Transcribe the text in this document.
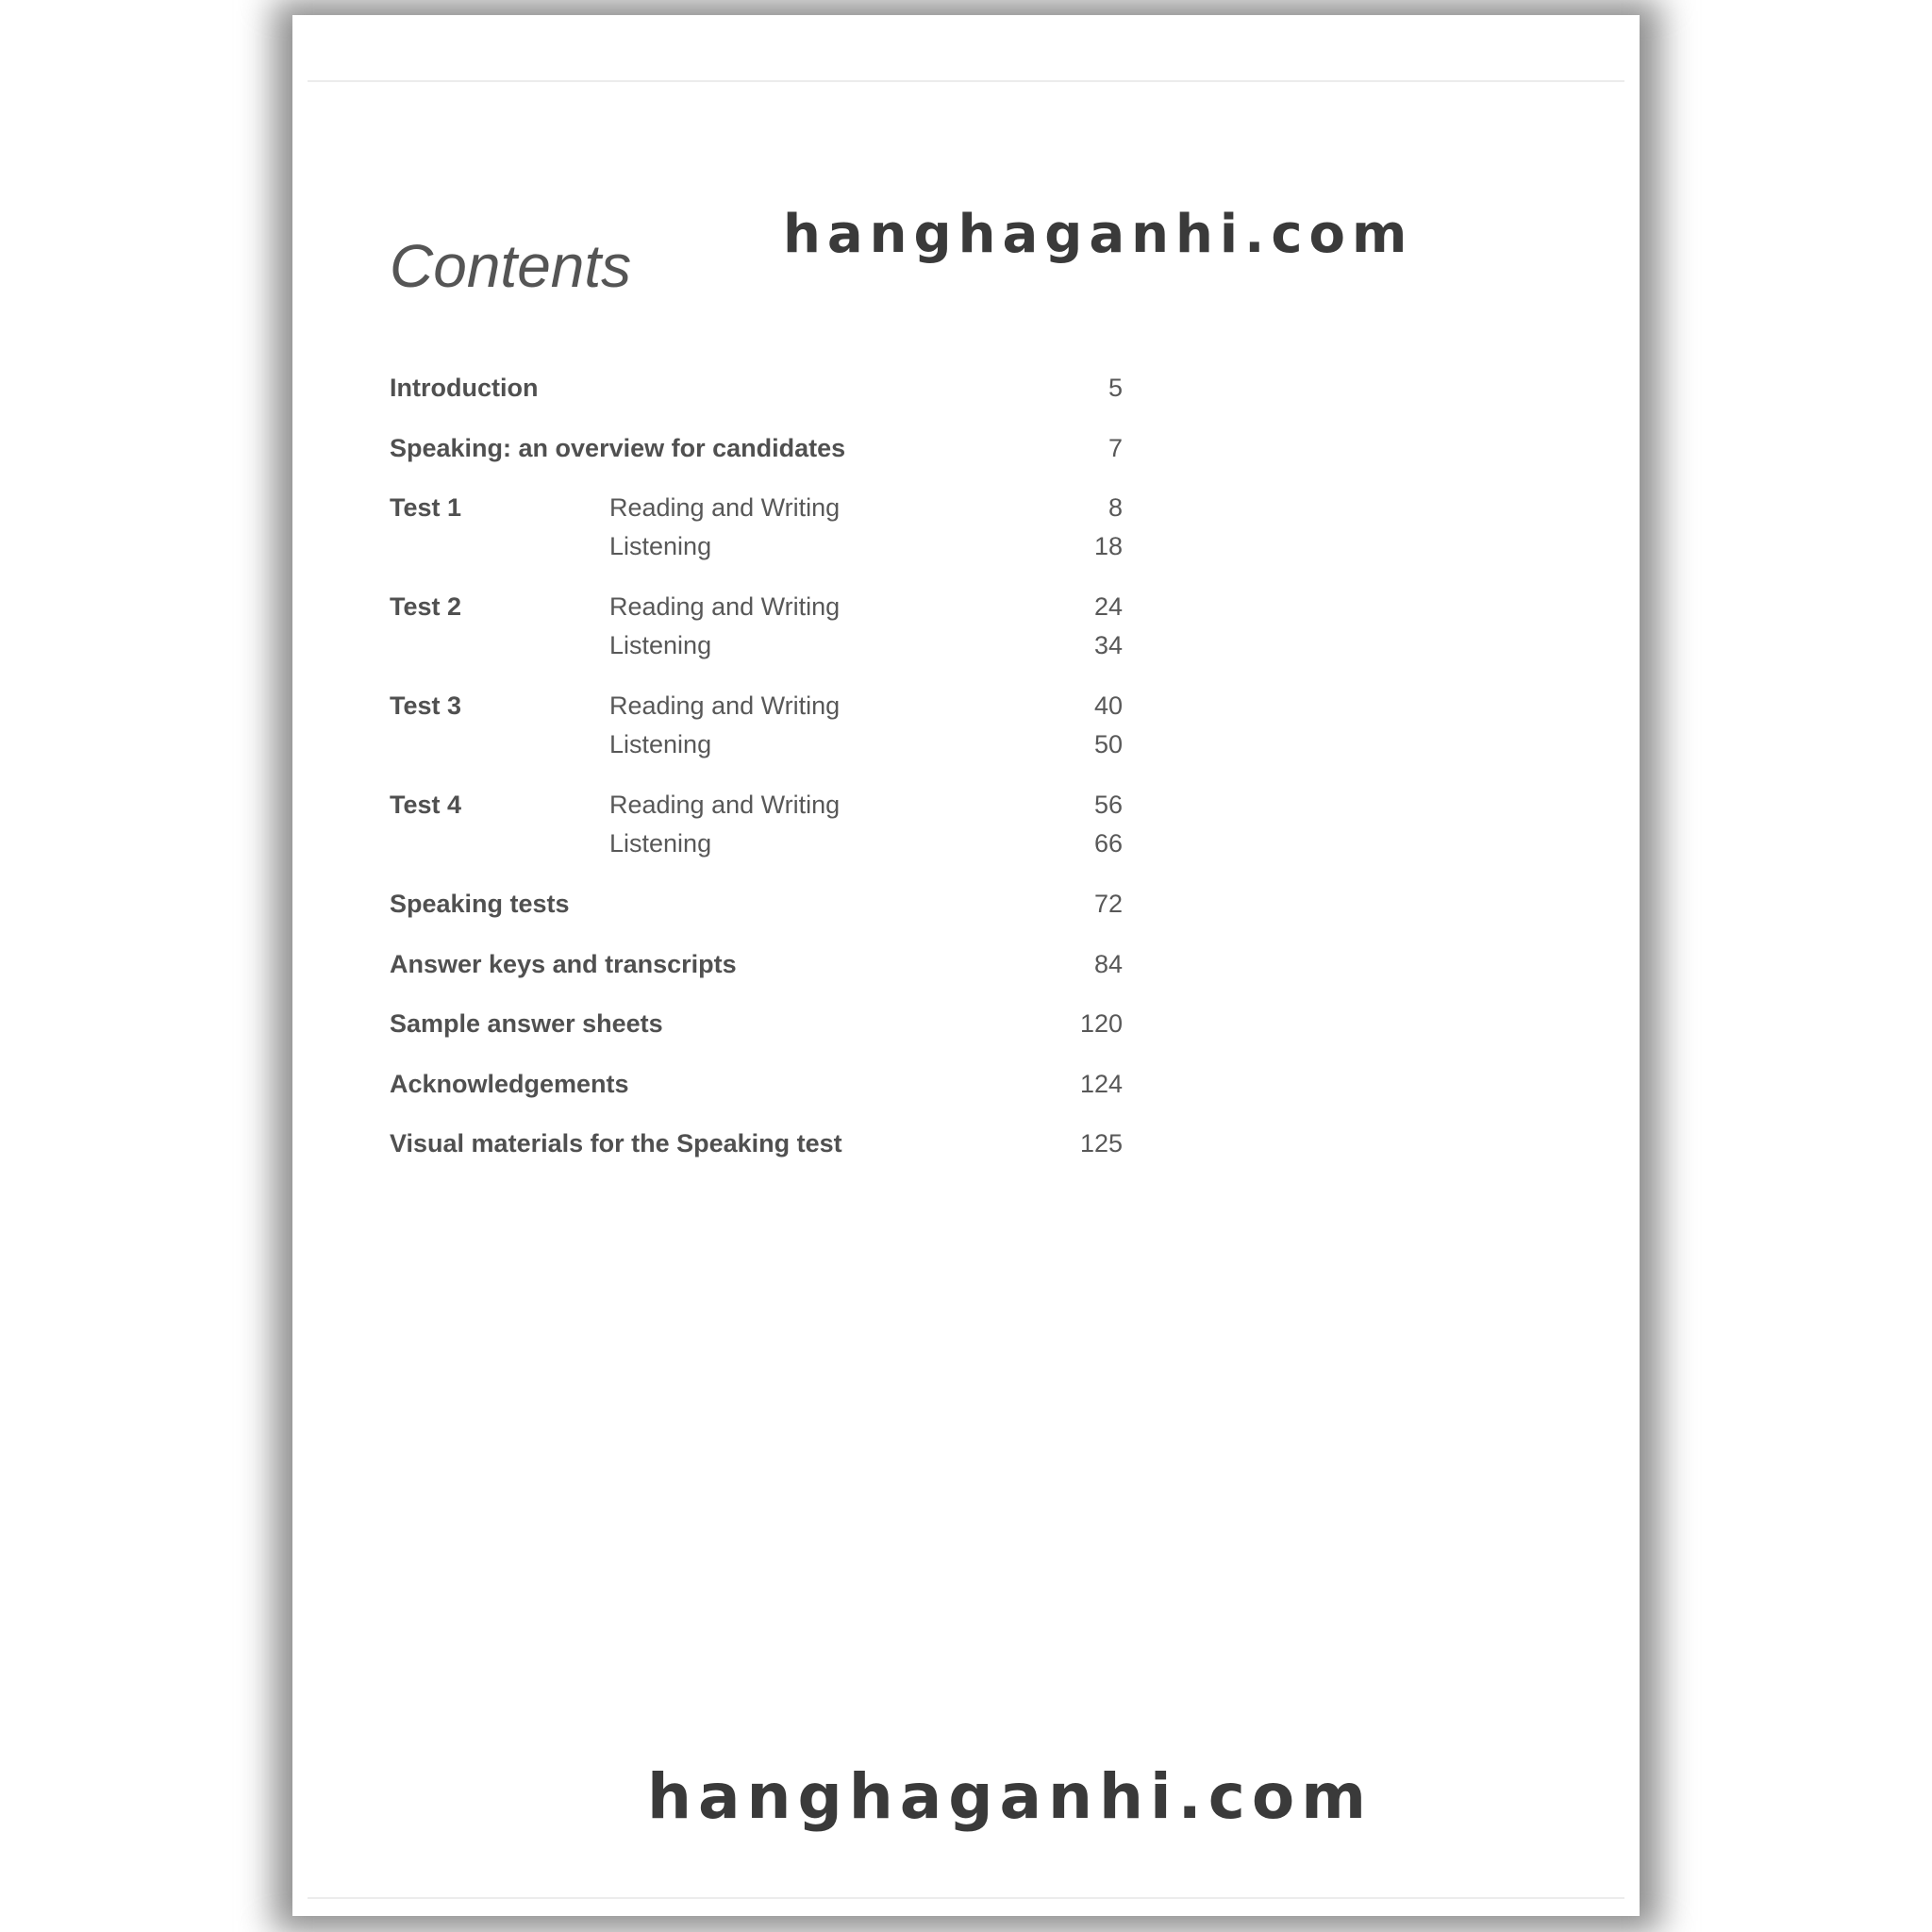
hanghaganhi.com
Contents
Introduction	5
Speaking: an overview for candidates	7
Test 1	Reading and Writing	8
Listening	18
Test 2	Reading and Writing	24
Listening	34
Test 3	Reading and Writing	40
Listening	50
Test 4	Reading and Writing	56
Listening	66
Speaking tests	72
Answer keys and transcripts	84
Sample answer sheets	120
Acknowledgements	124
Visual materials for the Speaking test	125
hanghaganhi.com
